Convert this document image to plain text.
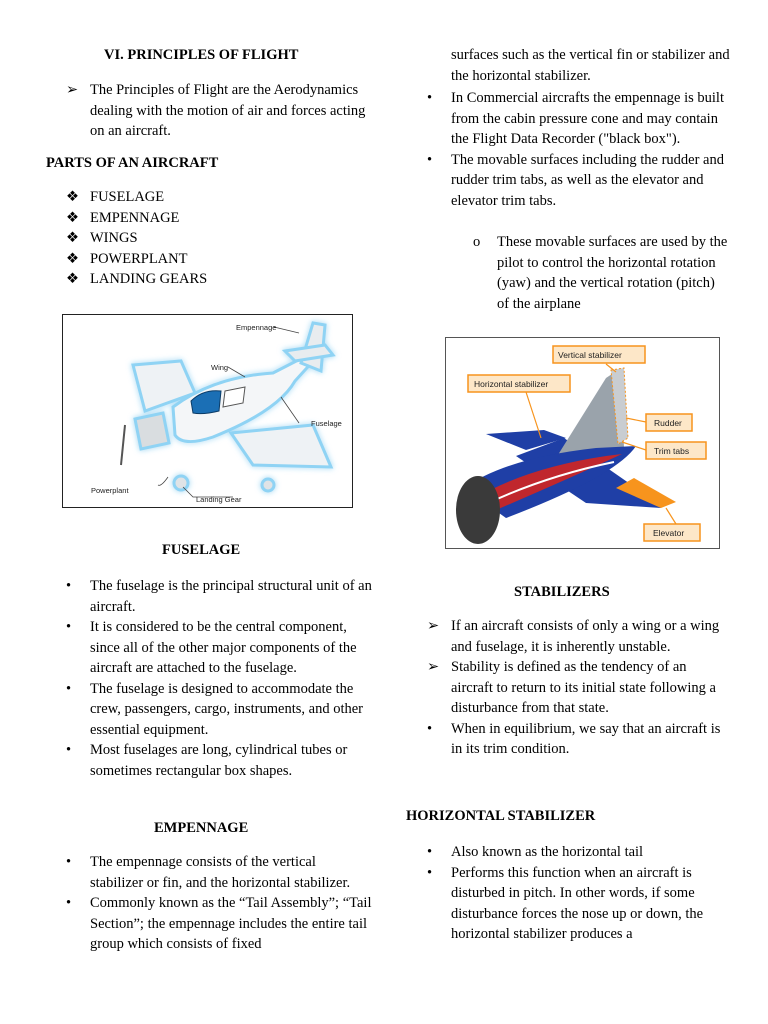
VI. PRINCIPLES OF FLIGHT
➢ The Principles of Flight are the Aerodynamics dealing with the motion of air and forces acting on an aircraft.
PARTS OF AN AIRCRAFT
❖ FUSELAGE
❖ EMPENNAGE
❖ WINGS
❖ POWERPLANT
❖ LANDING GEARS
Empennage
Wing
Fuselage
Powerplant
Landing Gear
FUSELAGE
• The fuselage is the principal structural unit of an aircraft.
• It is considered to be the central component, since all of the other major components of the aircraft are attached to the fuselage.
• The fuselage is designed to accommodate the crew, passengers, cargo, instruments, and other essential equipment.
• Most fuselages are long, cylindrical tubes or sometimes rectangular box shapes.
EMPENNAGE
• The empennage consists of the vertical stabilizer or fin, and the horizontal stabilizer.
• Commonly known as the “Tail Assembly”; “Tail Section”; the empennage includes the entire tail group which consists of fixed
surfaces such as the vertical fin or stabilizer and the horizontal stabilizer.
• In Commercial aircrafts the empennage is built from the cabin pressure cone and may contain the Flight Data Recorder ("black box").
• The movable surfaces including the rudder and rudder trim tabs, as well as the elevator and elevator trim tabs.
o These movable surfaces are used by the pilot to control the horizontal rotation (yaw) and the vertical rotation (pitch) of the airplane
Vertical stabilizer
Horizontal stabilizer
Rudder
Trim tabs
Elevator
STABILIZERS
➢ If an aircraft consists of only a wing or a wing and fuselage, it is inherently unstable.
➢ Stability is defined as the tendency of an aircraft to return to its initial state following a disturbance from that state.
• When in equilibrium, we say that an aircraft is in its trim condition.
HORIZONTAL STABILIZER
• Also known as the horizontal tail
• Performs this function when an aircraft is disturbed in pitch. In other words, if some disturbance forces the nose up or down, the horizontal stabilizer produces a
